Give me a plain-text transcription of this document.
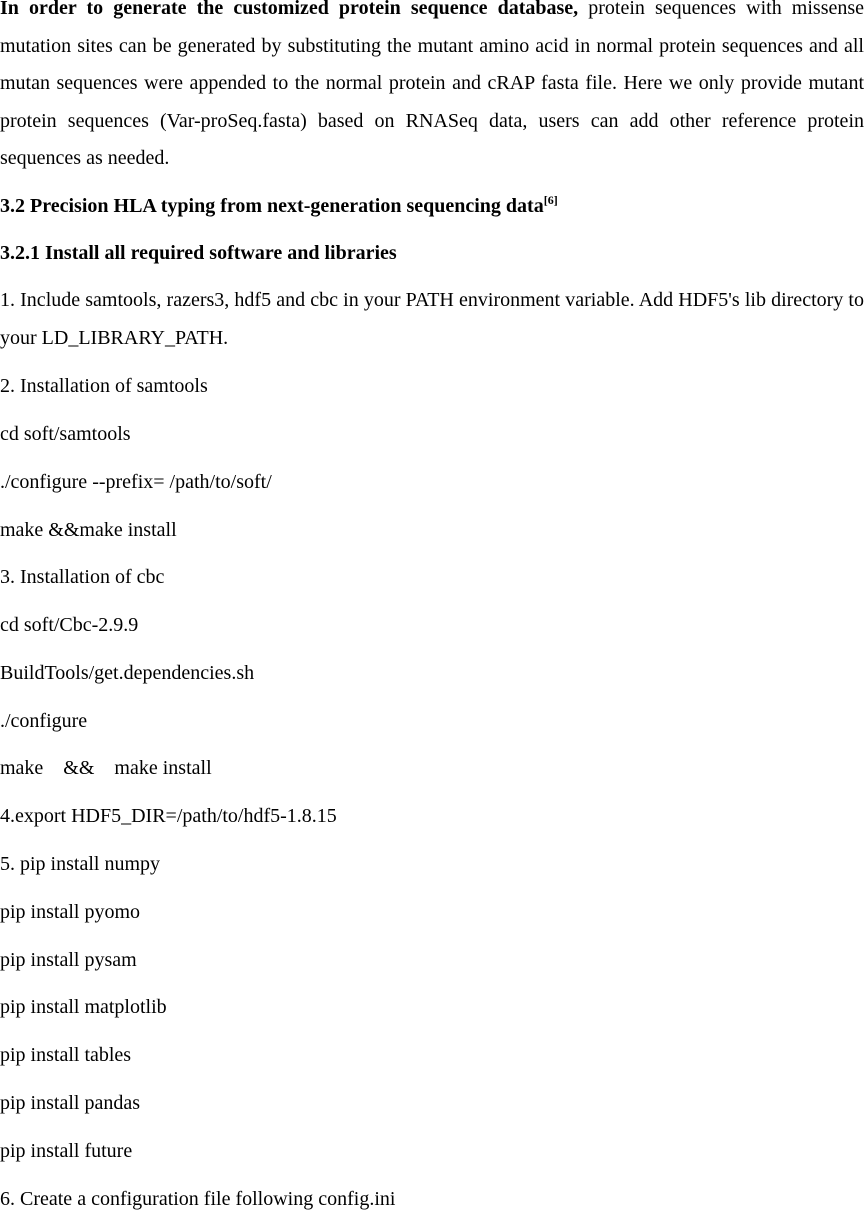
In order to generate the customized protein sequence database, protein sequences with missense mutation sites can be generated by substituting the mutant amino acid in normal protein sequences and all mutan sequences were appended to the normal protein and cRAP fasta file. Here we only provide mutant protein sequences (Var-proSeq.fasta) based on RNASeq data, users can add other reference protein sequences as needed.

3.2 Precision HLA typing from next-generation sequencing data[6]
3.2.1 Install all required software and libraries

1. Include samtools, razers3, hdf5 and cbc in your PATH environment variable. Add HDF5's lib directory to your LD_LIBRARY_PATH.

2. Installation of samtools
cd soft/samtools
./configure --prefix= /path/to/soft/
make &&make install
3. Installation of cbc
cd soft/Cbc-2.9.9
BuildTools/get.dependencies.sh
./configure
make    &&    make install
4.export HDF5_DIR=/path/to/hdf5-1.8.15
5. pip install numpy
pip install pyomo
pip install pysam
pip install matplotlib
pip install tables
pip install pandas
pip install future
6. Create a configuration file following config.ini
